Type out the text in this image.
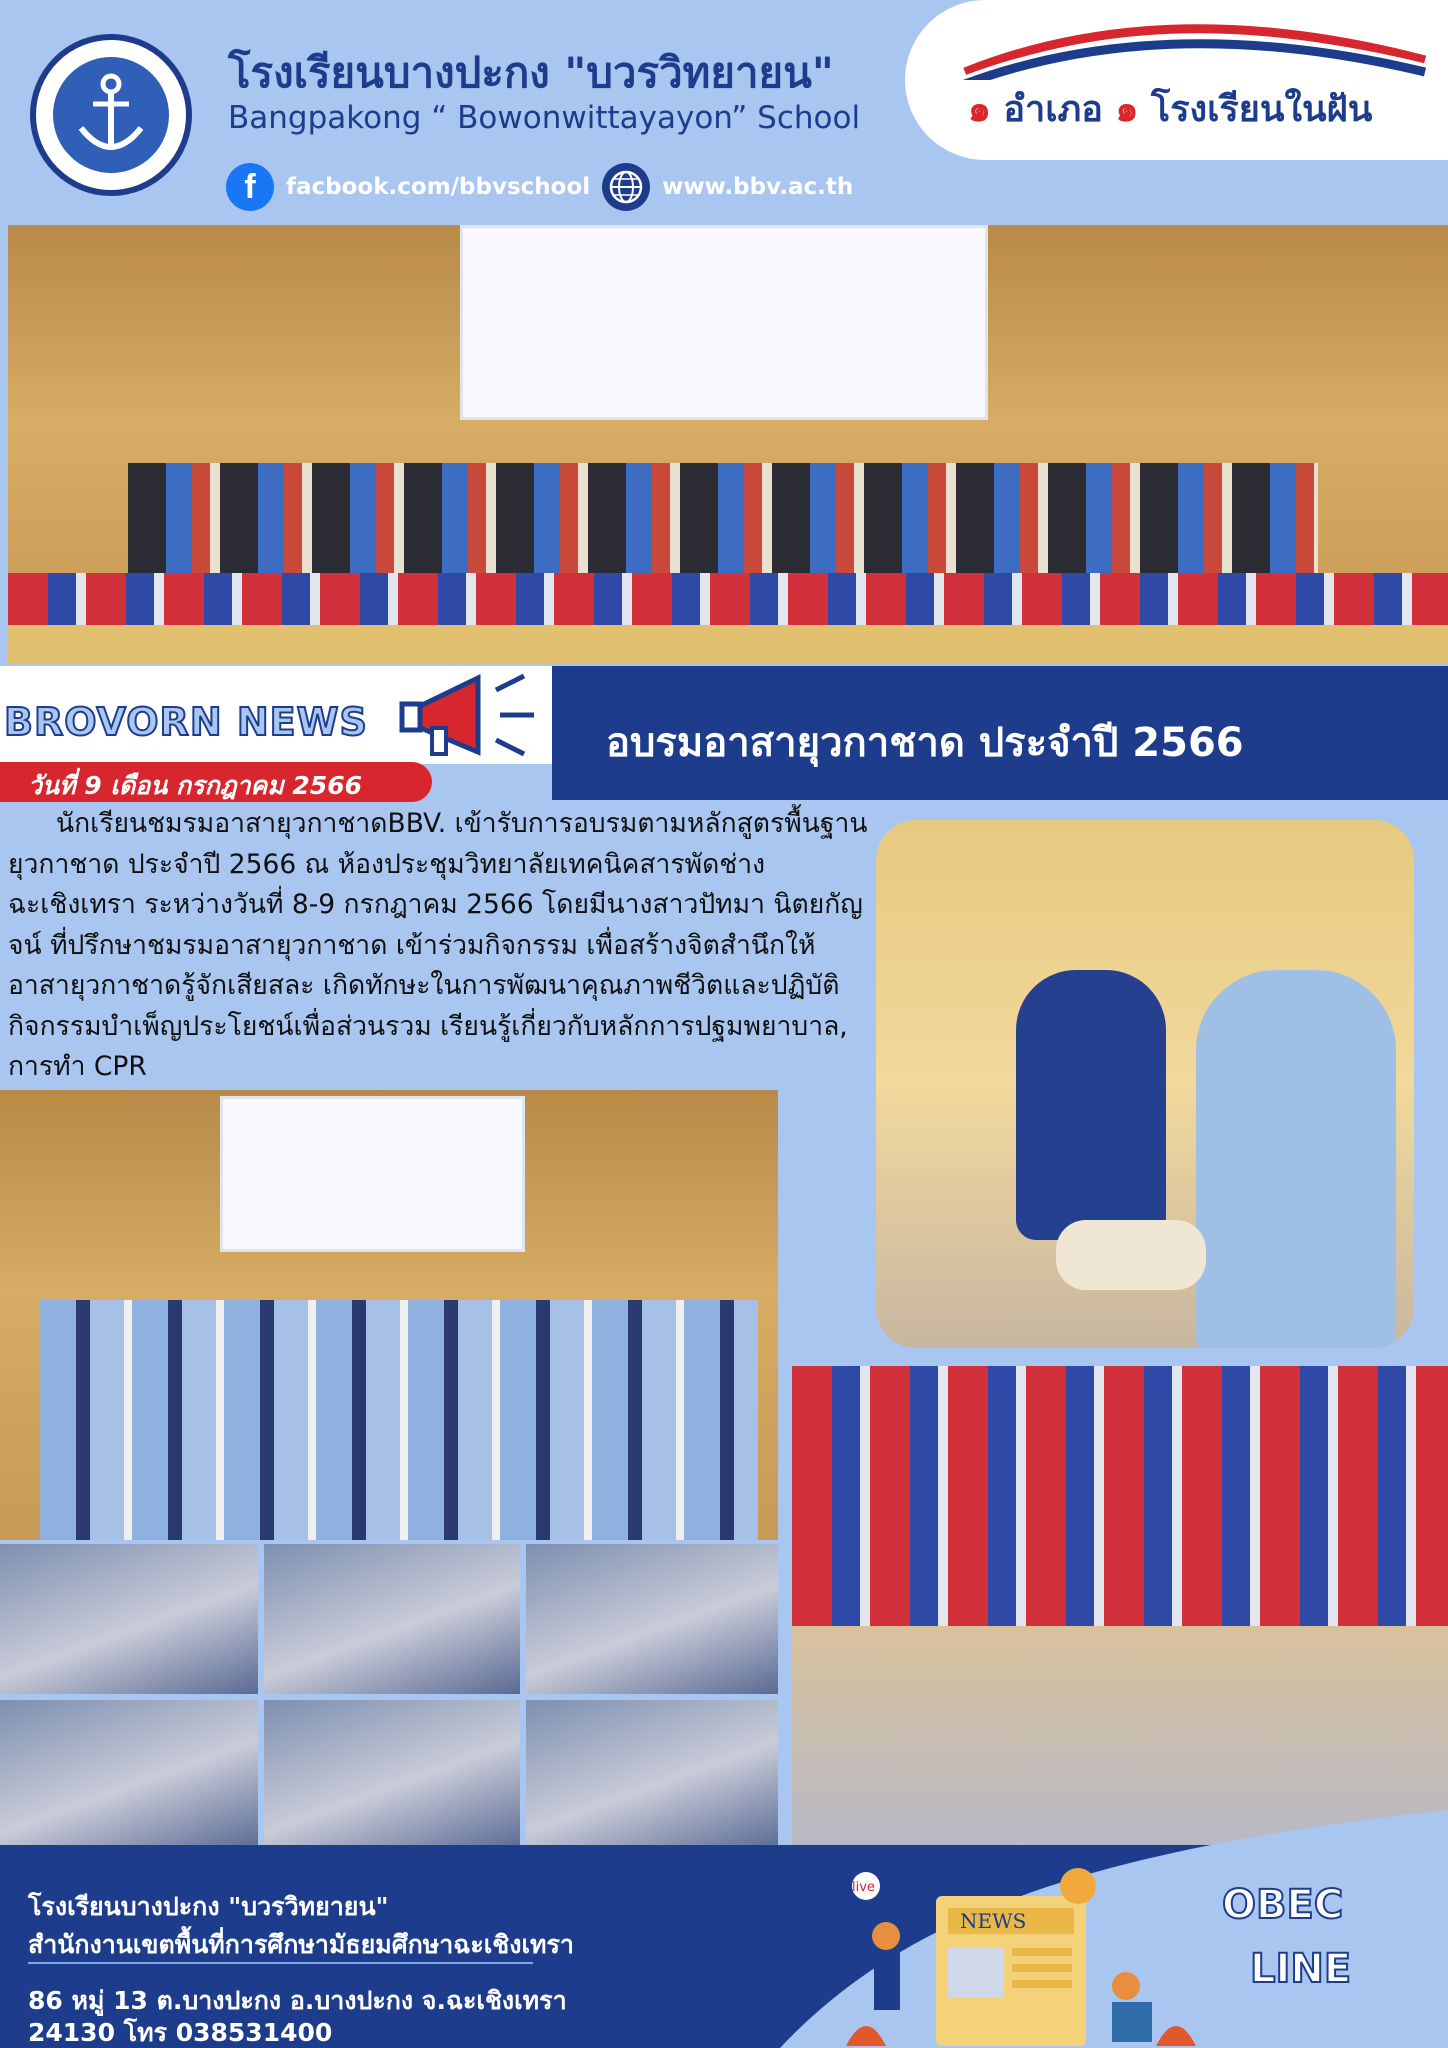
โรงเรียนบางปะกง "บวรวิทยายน"
Bangpakong “ Bowonwittayayon” School
f	facbook.com/bbvschool	www.bbv.ac.th
๑ อำเภอ ๑ โรงเรียนในฝัน
BROVORN NEWS	อบรมอาสายุวกาชาด ประจำปี 2566
วันที่ 9 เดือน กรกฎาคม 2566
นักเรียนชมรมอาสายุวกาชาดBBV. เข้ารับการอบรมตามหลักสูตรพื้นฐานยุวกาชาด ประจำปี 2566 ณ ห้องประชุมวิทยาลัยเทคนิคสารพัดช่างฉะเชิงเทรา ระหว่างวันที่ 8-9 กรกฎาคม 2566 โดยมีนางสาวปัทมา นิตยกัญจน์ ที่ปรึกษาชมรมอาสายุวกาชาด เข้าร่วมกิจกรรม เพื่อสร้างจิตสำนึกให้อาสายุวกาชาดรู้จักเสียสละ เกิดทักษะในการพัฒนาคุณภาพชีวิตและปฏิบัติกิจกรรมบำเพ็ญประโยชน์เพื่อส่วนรวม เรียนรู้เกี่ยวกับหลักการปฐมพยาบาล, การทำ CPR
NEWS
live
โรงเรียนบางปะกง "บวรวิทยายน"
สำนักงานเขตพื้นที่การศึกษามัธยมศึกษาฉะเชิงเทรา
86 หมู่ 13 ต.บางปะกง อ.บางปะกง จ.ฉะเชิงเทรา
24130 โทร 038531400
OBEC
LINE
